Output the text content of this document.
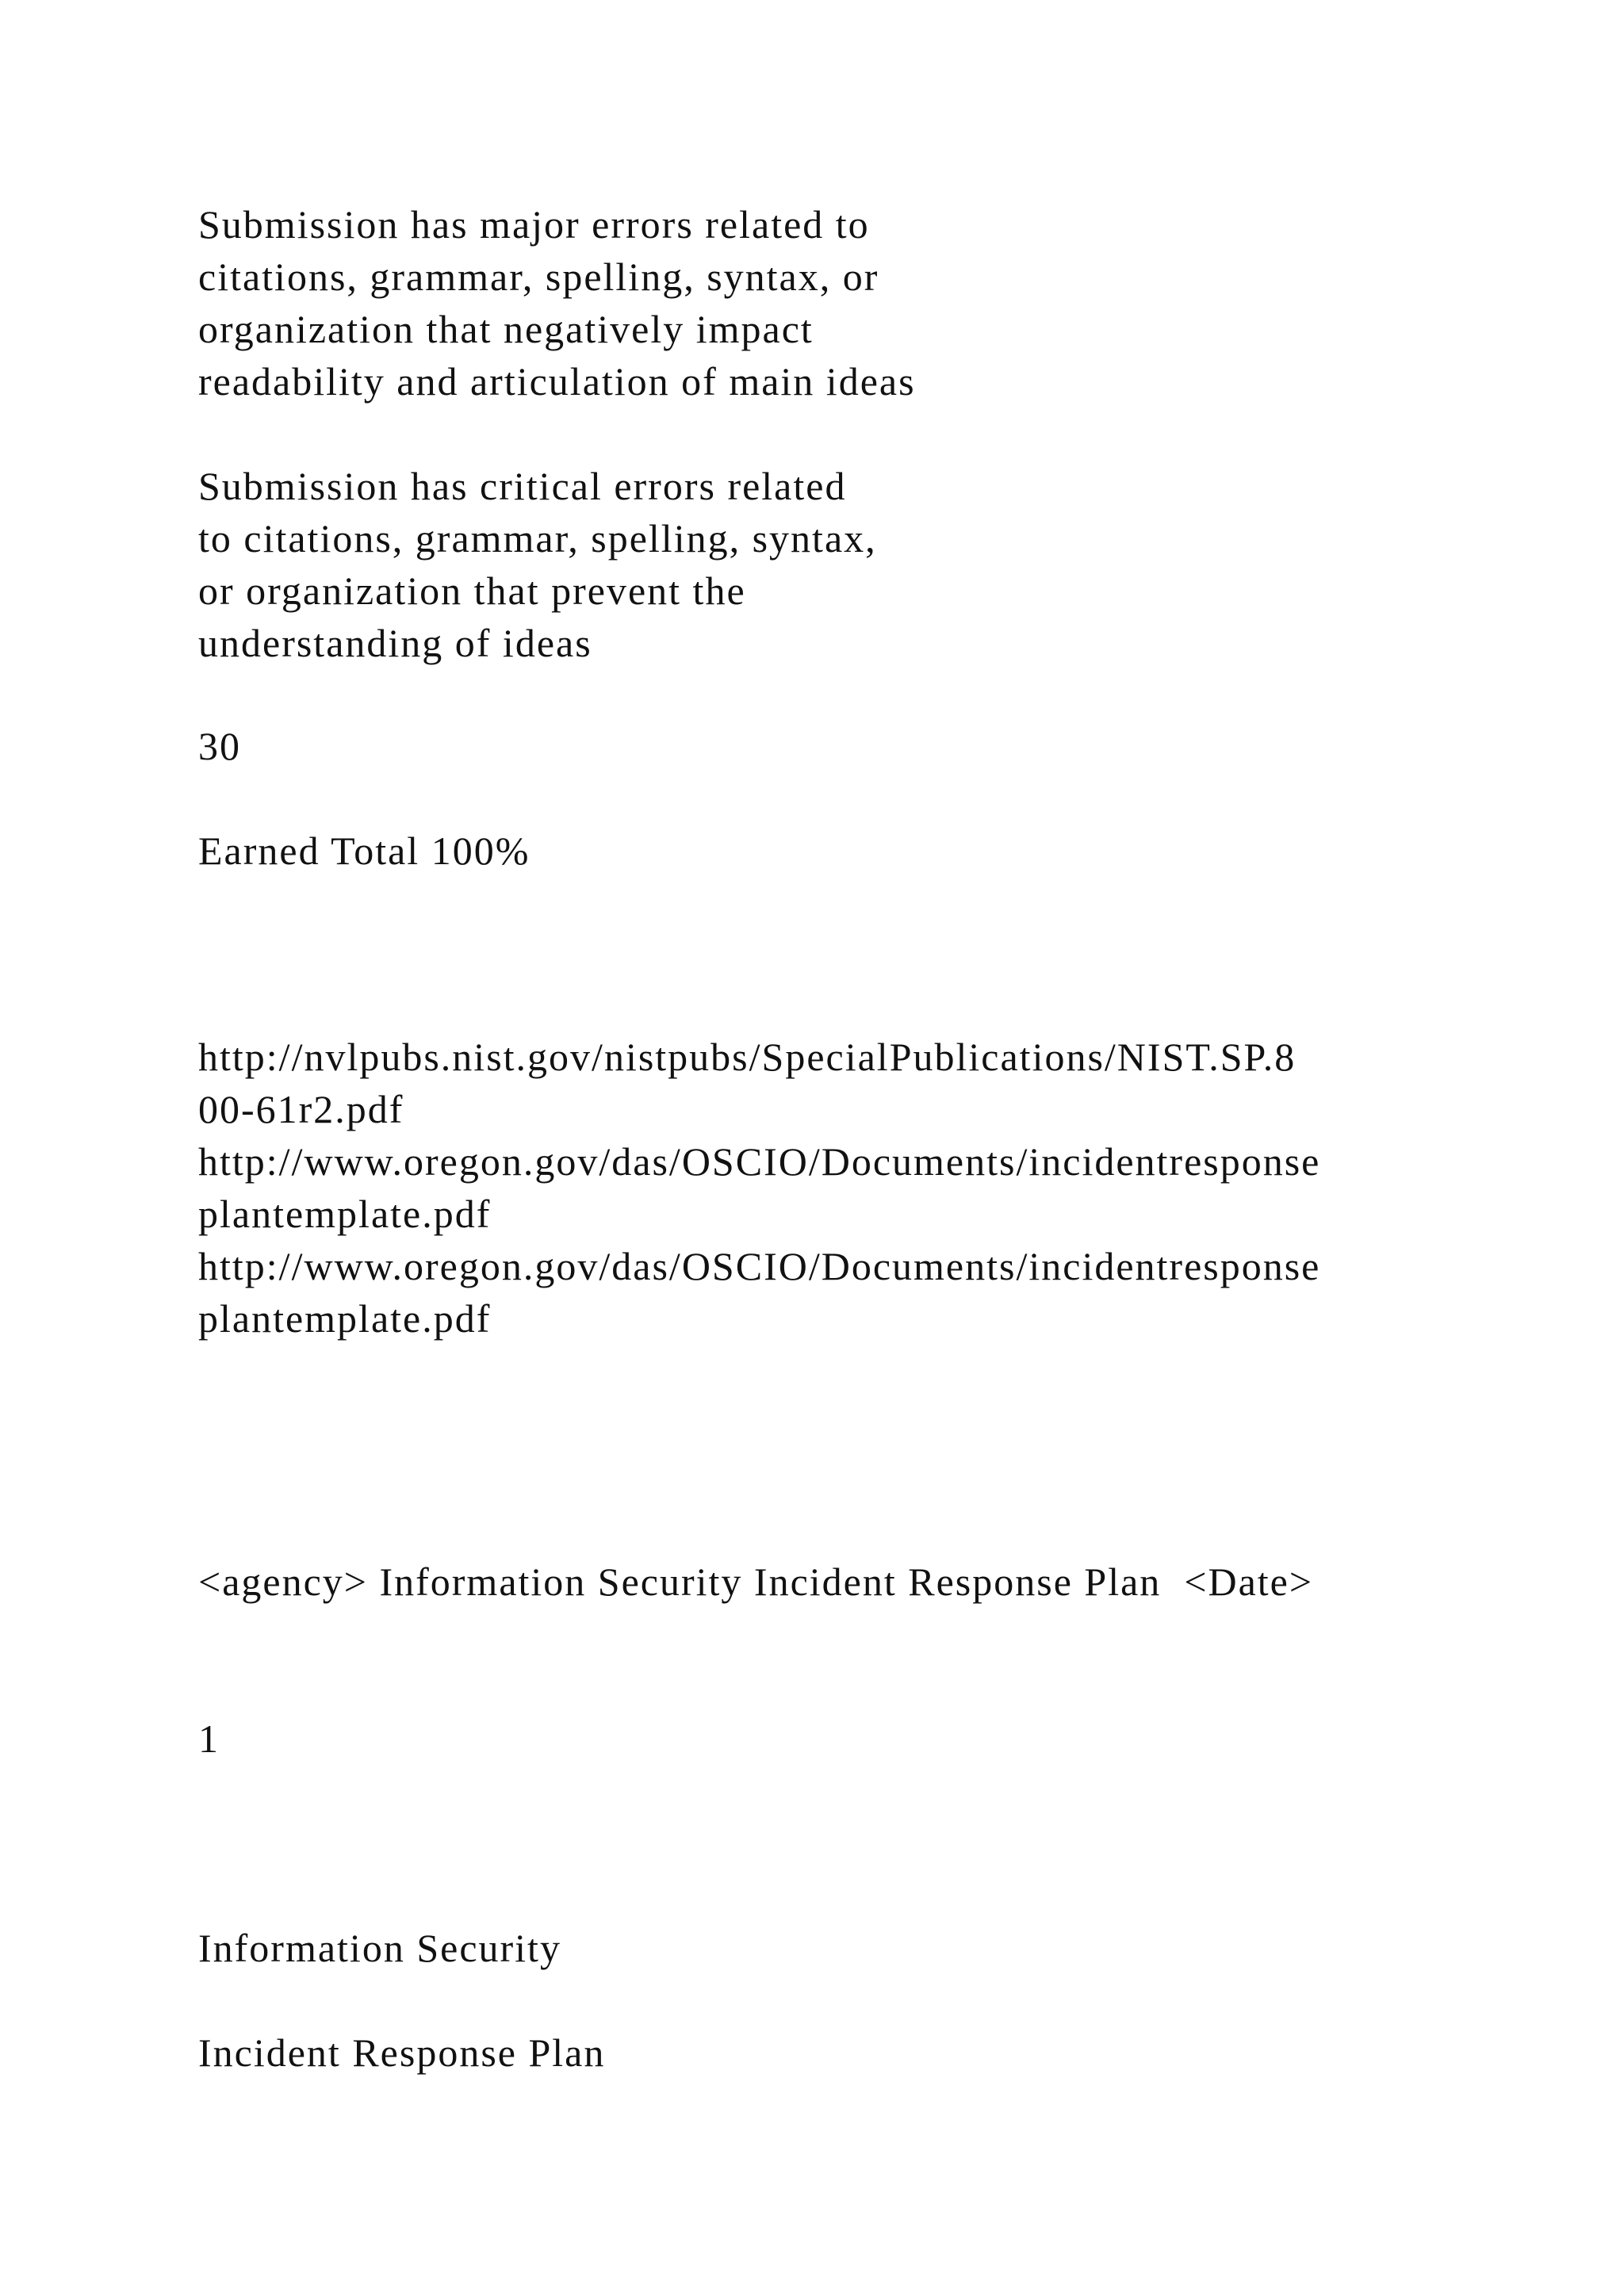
Submission has major errors related to
citations, grammar, spelling, syntax, or
organization that negatively impact
readability and articulation of main ideas
Submission has critical errors related
to citations, grammar, spelling, syntax,
or organization that prevent the
understanding of ideas
30
Earned Total 100%
http://nvlpubs.nist.gov/nistpubs/SpecialPublications/NIST.SP.8
00-61r2.pdf
http://www.oregon.gov/das/OSCIO/Documents/incidentresponse
plantemplate.pdf
http://www.oregon.gov/das/OSCIO/Documents/incidentresponse
plantemplate.pdf
<agency> Information Security Incident Response Plan  <Date>
1
Information Security
Incident Response Plan
